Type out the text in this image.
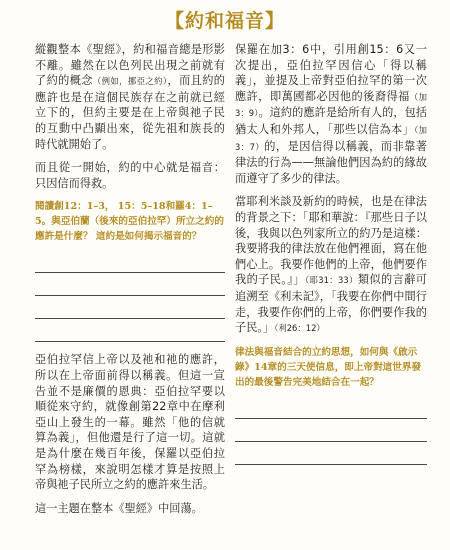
【約和福音】

縱觀整本《聖經》，約和福音總是形影不離。雖然在以色列民出現之前就有了約的概念（例如，挪亞之約），而且約的應許也是在這個民族存在之前就已經立下的，但約主要是在上帝與祂子民的互動中凸顯出來，從先祖和族長的時代就開始了。

而且從一開始，約的中心就是福音：只因信而得救。

閱讀創12：1–3， 15：5–18和羅4：1–5。與亞伯蘭（後來的亞伯拉罕）所立之約的應許是什麼？ 這約是如何揭示福音的？

亞伯拉罕信上帝以及祂和祂的應許，所以在上帝面前得以稱義。但這一宣告並不是廉價的恩典：亞伯拉罕要以順從來守約，就像創第22章中在摩利亞山上發生的一幕。雖然「他的信就算為義」，但他還是行了這一切。這就是為什麼在幾百年後，保羅以亞伯拉罕為榜樣，來說明怎樣才算是按照上帝與祂子民所立之約的應許來生活。

這一主題在整本《聖經》中回蕩。

保羅在加3：6中，引用創15：6又一次提出，亞伯拉罕因信心「得以稱義」，並提及上帝對亞伯拉罕的第一次應許，即萬國都必因他的後裔得福（加3：9）。這約的應許是給所有人的，包括猶太人和外邦人，「那些以信為本」（加3：7）的，是因信得以稱義，而非靠著律法的行為——無論他們因為約的緣故而遵守了多少的律法。

當耶利米談及新約的時候，也是在律法的背景之下：「耶和華說：『那些日子以後，我與以色列家所立的約乃是這樣：我要將我的律法放在他們裡面，寫在他們心上。我要作他們的上帝，他們要作我的子民。』」（耶31：33）類似的言辭可追溯至《利未記》，「我要在你們中間行走，我要作你們的上帝，你們要作我的子民。」（利26：12）

律法與福音結合的立約思想，如何與《啟示錄》14章的三天使信息，即上帝對這世界發出的最後警告完美地結合在一起？
